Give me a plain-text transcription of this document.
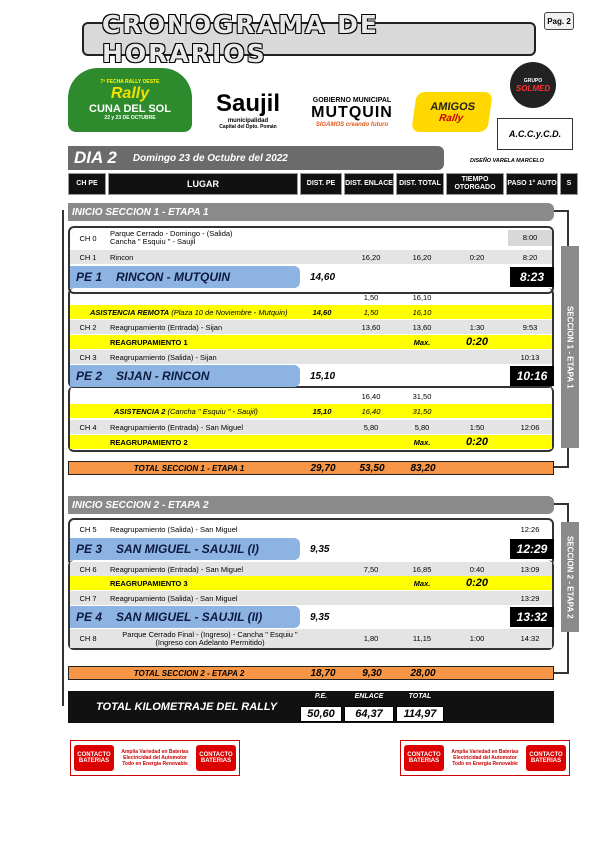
CRONOGRAMA DE HORARIOS
Pag. 2
7ª FECHA RALLY OESTE
Rally
CUNA DEL SOL
22 y 23 DE OCTUBRE
Saujil
municipalidad
Capital del Dpto. Pomán
GOBIERNO MUNICIPAL
MUTQUIN
SIGAMOS creando futuro
AMIGOS
Rally
GRUPO
SOLMED
A.C.C.y.C.D.
DIA 2 Domingo 23 de Octubre del 2022	DISEÑO VARELA MARCELO
CH PE	LUGAR	DIST. PE DIST. ENLACE DIST. TOTAL
TIEMPO OTORGADO
PASO 1° AUTO S
INICIO SECCION 1 - ETAPA 1
SECCION 1 - ETAPA 1
CH 0	Parque Cerrado - Domingo - (Salida)
Cancha " Esquiu " - Saujil	8:00
CH 1	Rincon	16,20	16,20	0:20	8:20
PE 1 RINCON - MUTQUIN	14,60	8:23
1,50	16,10
ASISTENCIA REMOTA (Plaza 10 de Noviembre - Mutquin)	14,60	1,50	16,10
CH 2	Reagrupamiento (Entrada) - Sijan	13,60	13,60	1:30	9:53
REAGRUPAMIENTO 1	Max.	0:20
CH 3	Reagrupamiento (Salida) - Sijan	10:13
PE 2 SIJAN - RINCON	15,10	10:16
16,40	31,50
ASISTENCIA 2 (Cancha " Esquiu " - Saujil)	15,10	16,40	31,50
CH 4	Reagrupamiento (Entrada) - San Miguel	5,80	5,80	1:50	12:06
REAGRUPAMIENTO 2	Max.	0:20
TOTAL SECCION 1 - ETAPA 1	29,70	53,50	83,20
INICIO SECCION 2 - ETAPA 2
SECCION 2 - ETAPA 2
CH 5	Reagrupamiento (Salida) - San Miguel	12:26
PE 3 SAN MIGUEL - SAUJIL (I)	9,35	12:29
CH 6	Reagrupamiento (Entrada) - San Miguel	7,50	16,85	0:40	13:09
REAGRUPAMIENTO 3	Max.	0:20
CH 7	Reagrupamiento (Salida) - San Miguel	13:29
PE 4 SAN MIGUEL - SAUJIL (II)	9,35	13:32
CH 8	Parque Cerrado Final - (Ingreso) - Cancha " Esquiu "
(Ingreso con Adelanto Permitido)	1,80	11,15	1:00	14:32
TOTAL SECCION 2 - ETAPA 2	18,70	9,30	28,00
TOTAL KILOMETRAJE DEL RALLY
P.E.	ENLACE	TOTAL
50,60	64,37	114,97
CONTACTO
BATERIAS
Amplia Variedad en Baterias
Electricidad del Automotor
Todo en Energia Renovable
CONTACTO
BATERIAS
CONTACTO
BATERIAS
Amplia Variedad en Baterias
Electricidad del Automotor
Todo en Energia Renovable
CONTACTO
BATERIAS
